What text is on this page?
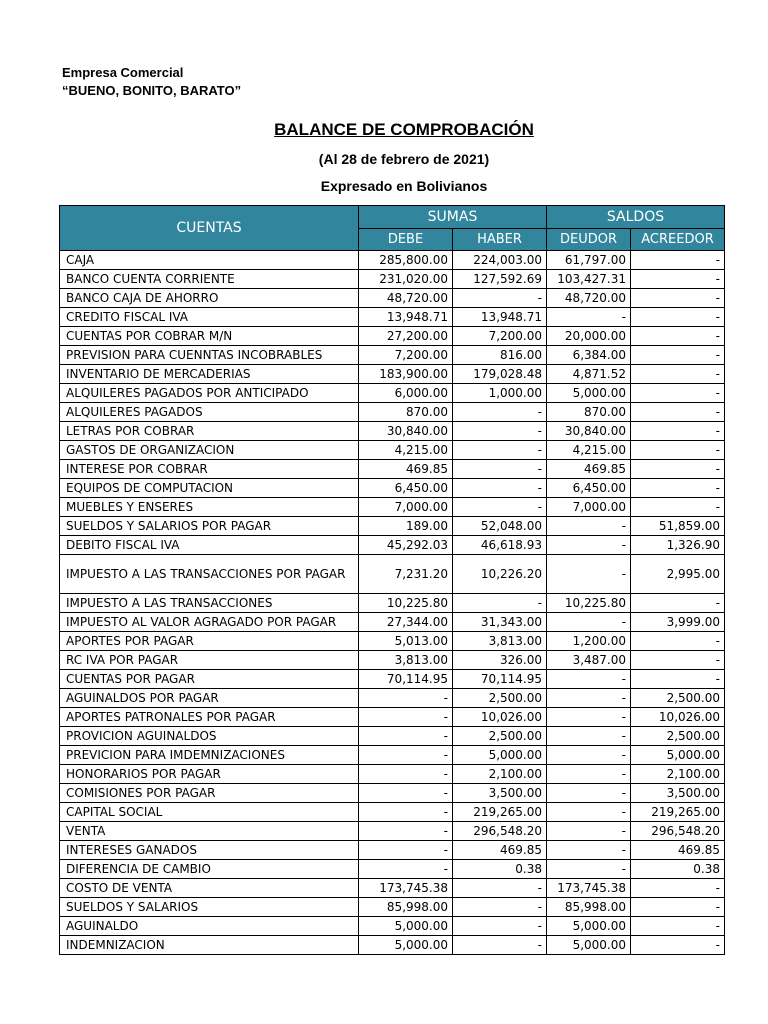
Empresa Comercial
“BUENO, BONITO, BARATO”
BALANCE DE COMPROBACIÓN
(Al 28 de febrero de 2021)
Expresado en Bolivianos
CUENTAS	SUMAS		SALDOS	
	DEBE	HABER	DEUDOR	ACREEDOR
CAJA	285,800.00	224,003.00	61,797.00	-
BANCO CUENTA CORRIENTE	231,020.00	127,592.69	103,427.31	-
BANCO CAJA DE AHORRO	48,720.00	-	48,720.00	-
CREDITO FISCAL IVA	13,948.71	13,948.71	-	-
CUENTAS POR COBRAR M/N	27,200.00	7,200.00	20,000.00	-
PREVISION PARA CUENNTAS INCOBRABLES	7,200.00	816.00	6,384.00	-
INVENTARIO DE MERCADERIAS	183,900.00	179,028.48	4,871.52	-
ALQUILERES PAGADOS POR ANTICIPADO	6,000.00	1,000.00	5,000.00	-
ALQUILERES PAGADOS	870.00	-	870.00	-
LETRAS POR COBRAR	30,840.00	-	30,840.00	-
GASTOS DE ORGANIZACION	4,215.00	-	4,215.00	-
INTERESE POR COBRAR	469.85	-	469.85	-
EQUIPOS DE COMPUTACION	6,450.00	-	6,450.00	-
MUEBLES Y ENSERES	7,000.00	-	7,000.00	-
SUELDOS Y SALARIOS POR PAGAR	189.00	52,048.00	-	51,859.00
DEBITO FISCAL IVA	45,292.03	46,618.93	-	1,326.90
IMPUESTO A LAS TRANSACCIONES POR PAGAR	7,231.20	10,226.20	-	2,995.00
IMPUESTO A LAS TRANSACCIONES	10,225.80	-	10,225.80	-
IMPUESTO AL VALOR AGRAGADO POR PAGAR	27,344.00	31,343.00	-	3,999.00
APORTES POR PAGAR	5,013.00	3,813.00	1,200.00	-
RC IVA POR PAGAR	3,813.00	326.00	3,487.00	-
CUENTAS POR PAGAR	70,114.95	70,114.95	-	-
AGUINALDOS POR PAGAR	-	2,500.00	-	2,500.00
APORTES PATRONALES POR PAGAR	-	10,026.00	-	10,026.00
PROVICION AGUINALDOS	-	2,500.00	-	2,500.00
PREVICION PARA IMDEMNIZACIONES	-	5,000.00	-	5,000.00
HONORARIOS POR PAGAR	-	2,100.00	-	2,100.00
COMISIONES POR PAGAR	-	3,500.00	-	3,500.00
CAPITAL SOCIAL	-	219,265.00	-	219,265.00
VENTA	-	296,548.20	-	296,548.20
INTERESES GANADOS	-	469.85	-	469.85
DIFERENCIA DE CAMBIO	-	0.38	-	0.38
COSTO DE VENTA	173,745.38	-	173,745.38	-
SUELDOS Y SALARIOS	85,998.00	-	85,998.00	-
AGUINALDO	5,000.00	-	5,000.00	-
INDEMNIZACION	5,000.00	-	5,000.00	-
